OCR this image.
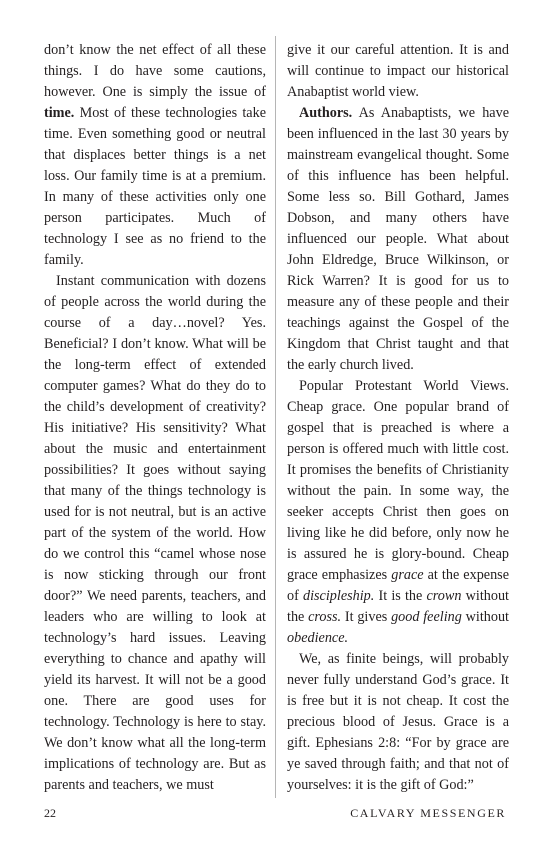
don’t know the net effect of all these things. I do have some cautions, however. One is simply the issue of time. Most of these technologies take time. Even something good or neutral that displaces better things is a net loss. Our family time is at a premium. In many of these activities only one person participates. Much of technology I see as no friend to the family.

Instant communication with dozens of people across the world during the course of a day…novel? Yes. Beneficial? I don’t know. What will be the long-term effect of extended computer games? What do they do to the child’s development of creativity? His initiative? His sensitivity? What about the music and entertainment possibilities? It goes without saying that many of the things technology is used for is not neutral, but is an active part of the system of the world. How do we control this “camel whose nose is now sticking through our front door?” We need parents, teachers, and leaders who are willing to look at technology’s hard issues. Leaving everything to chance and apathy will yield its harvest. It will not be a good one. There are good uses for technology. Technology is here to stay. We don’t know what all the long-term implications of technology are. But as parents and teachers, we must

give it our careful attention. It is and will continue to impact our historical Anabaptist world view.

Authors. As Anabaptists, we have been influenced in the last 30 years by mainstream evangelical thought. Some of this influence has been helpful. Some less so. Bill Gothard, James Dobson, and many others have influenced our people. What about John Eldredge, Bruce Wilkinson, or Rick Warren? It is good for us to measure any of these people and their teachings against the Gospel of the Kingdom that Christ taught and that the early church lived.

Popular Protestant World Views. Cheap grace. One popular brand of gospel that is preached is where a person is offered much with little cost. It promises the benefits of Christianity without the pain. In some way, the seeker accepts Christ then goes on living like he did before, only now he is assured he is glory-bound. Cheap grace emphasizes grace at the expense of discipleship. It is the crown without the cross. It gives good feeling without obedience.

We, as finite beings, will probably never fully understand God’s grace. It is free but it is not cheap. It cost the precious blood of Jesus. Grace is a gift. Ephesians 2:8: “For by grace are ye saved through faith; and that not of yourselves: it is the gift of God:”

22	CALVARY MESSENGER
